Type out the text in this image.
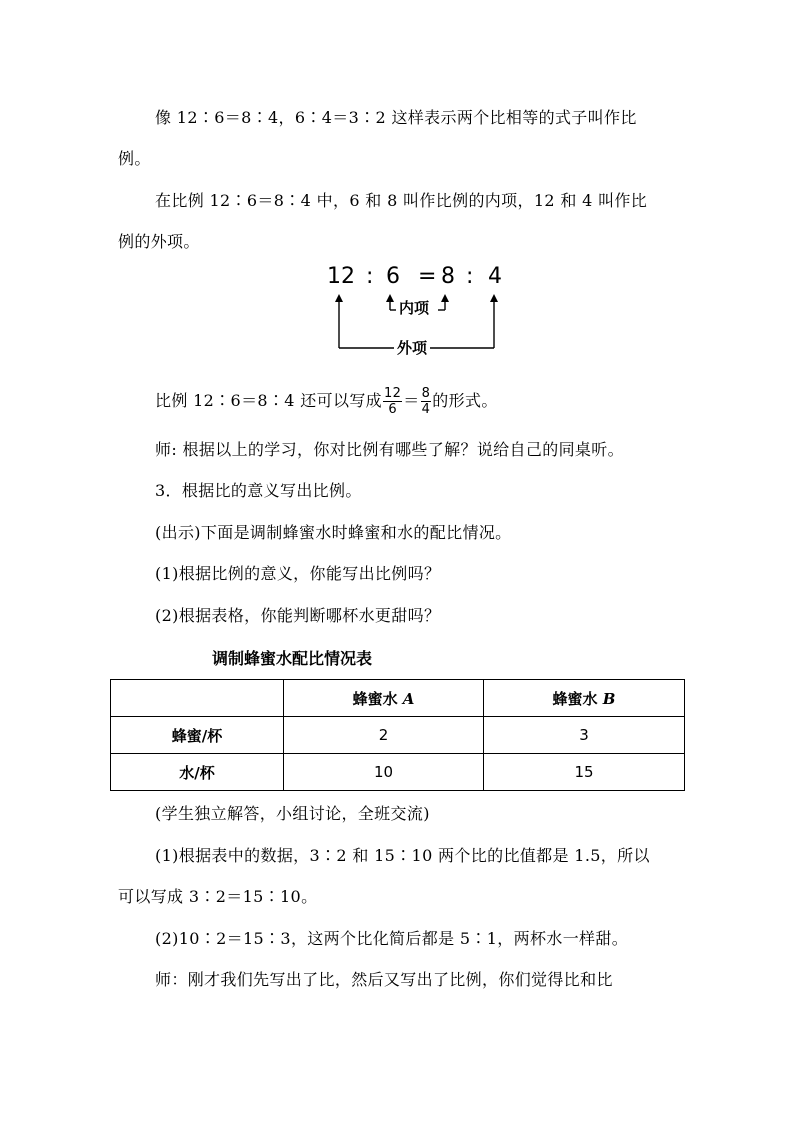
像 12∶6＝8∶4，6∶4＝3∶2 这样表示两个比相等的式子叫作比
例。
在比例 12∶6＝8∶4 中，6 和 8 叫作比例的内项，12 和 4 叫作比
例的外项。
12 : 6 = 8 : 4
内项
外项
比例 12∶6＝8∶4 还可以写成 $\frac{12}{6} = \frac{8}{4}$ 的形式。
师: 根据以上的学习，你对比例有哪些了解？说给自己的同桌听。
3．根据比的意义写出比例。
(出示)下面是调制蜂蜜水时蜂蜜和水的配比情况。
(1)根据比例的意义，你能写出比例吗？
(2)根据表格，你能判断哪杯水更甜吗？
调制蜂蜜水配比情况表
	蜂蜜水 A	蜂蜜水 B
蜂蜜/杯	2	3
水/杯	10	15
(学生独立解答，小组讨论，全班交流)
(1)根据表中的数据，3∶2 和 15∶10 两个比的比值都是 1.5，所以
可以写成 3∶2＝15∶10。
(2)10∶2＝15∶3，这两个比化简后都是 5∶1，两杯水一样甜。
师：刚才我们先写出了比，然后又写出了比例，你们觉得比和比
